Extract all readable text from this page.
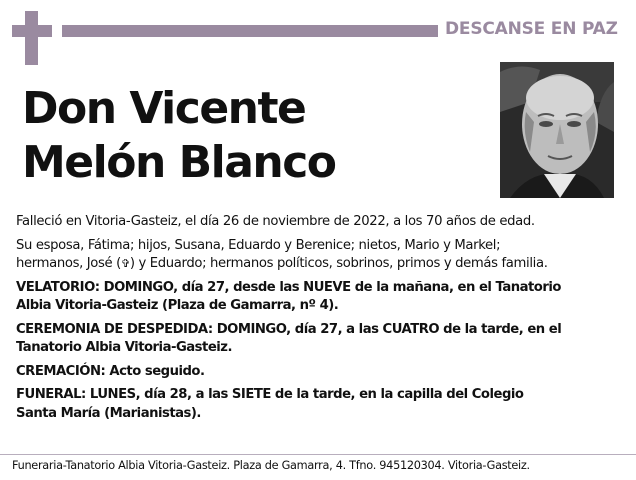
DESCANSE EN PAZ
Don Vicente
Melón Blanco

Falleció en Vitoria-Gasteiz, el día 26 de noviembre de 2022, a los 70 años de edad.

Su esposa, Fátima; hijos, Susana, Eduardo y Berenice; nietos, Mario y Markel;
hermanos, José (✞) y Eduardo; hermanos políticos, sobrinos, primos y demás familia.

VELATORIO: DOMINGO, día 27, desde las NUEVE de la mañana, en el Tanatorio
Albia Vitoria-Gasteiz (Plaza de Gamarra, nº 4).

CEREMONIA DE DESPEDIDA: DOMINGO, día 27, a las CUATRO de la tarde, en el
Tanatorio Albia Vitoria-Gasteiz.

CREMACIÓN: Acto seguido.

FUNERAL: LUNES, día 28, a las SIETE de la tarde, en la capilla del Colegio
Santa María (Marianistas).

Funeraria-Tanatorio Albia Vitoria-Gasteiz. Plaza de Gamarra, 4. Tfno. 945120304. Vitoria-Gasteiz.
